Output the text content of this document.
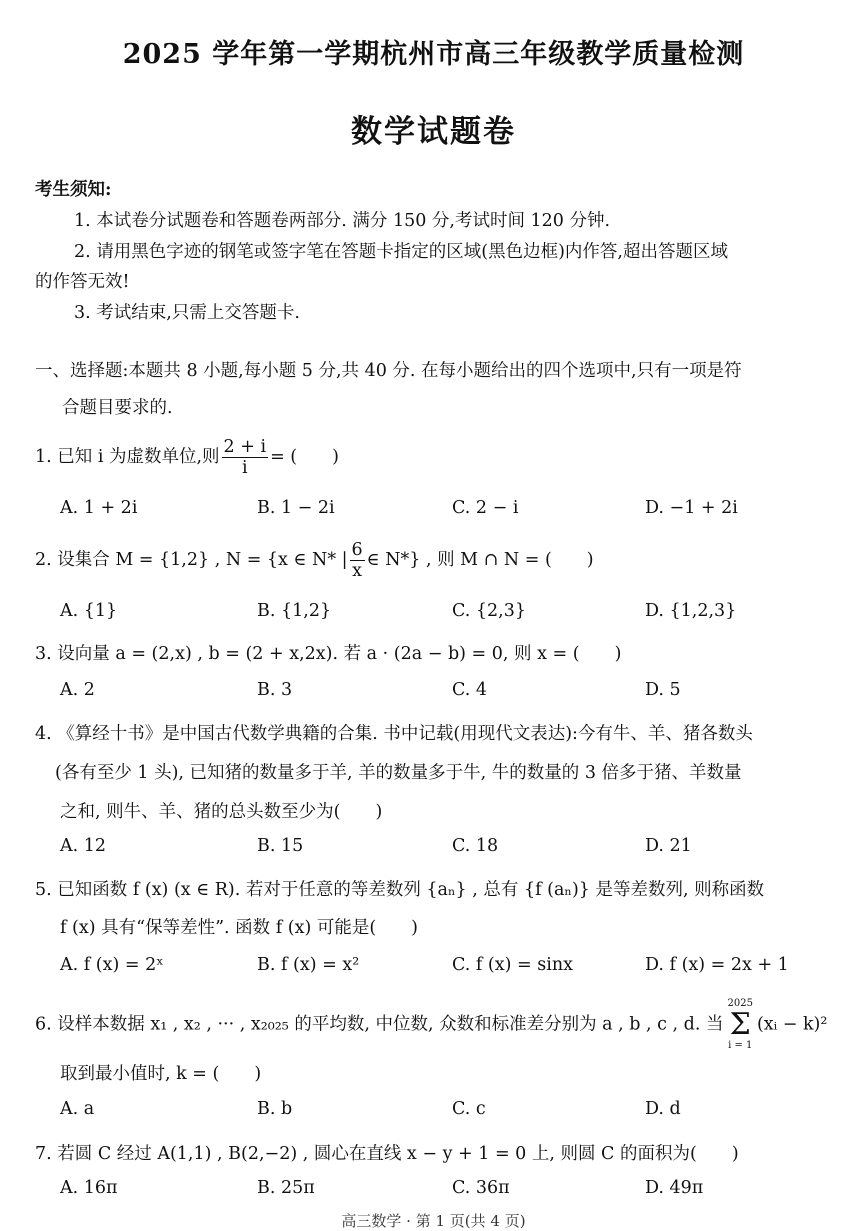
2025 学年第一学期杭州市高三年级教学质量检测
数学试题卷
考生须知:
1. 本试卷分试题卷和答题卷两部分. 满分 150 分,考试时间 120 分钟.
2. 请用黑色字迹的钢笔或签字笔在答题卡指定的区域(黑色边框)内作答,超出答题区域
的作答无效!
3. 考试结束,只需上交答题卡.
一、选择题:本题共 8 小题,每小题 5 分,共 40 分. 在每小题给出的四个选项中,只有一项是符
合题目要求的.
1. 已知 i 为虚数单位,则 $\frac{2 + i}{i}$ = (　　)
A. 1 + 2i	B. 1 − 2i	C. 2 − i	D. −1 + 2i
2. 设集合 M = {1,2} , N = {x ∈ N* | $\frac{6}{x}$ ∈ N*} , 则 M ∩ N = (　　)
A. {1}	B. {1,2}	C. {2,3}	D. {1,2,3}
3. 设向量 a = (2,x) , b = (2 + x,2x). 若 a · (2a − b) = 0, 则 x = (　　)
A. 2	B. 3	C. 4	D. 5
4. 《算经十书》是中国古代数学典籍的合集. 书中记载(用现代文表达):今有牛、羊、猪各数头
(各有至少 1 头), 已知猪的数量多于羊, 羊的数量多于牛, 牛的数量的 3 倍多于猪、羊数量
之和, 则牛、羊、猪的总头数至少为(　　)
A. 12	B. 15	C. 18	D. 21
5. 已知函数 f (x) (x ∈ R). 若对于任意的等差数列 {aₙ} , 总有 {f (aₙ)} 是等差数列, 则称函数
f (x) 具有“保等差性”. 函数 f (x) 可能是(　　)
A. f (x) = 2ˣ	B. f (x) = x²	C. f (x) = sinx	D. f (x) = 2x + 1
6. 设样本数据 x₁ , x₂ , ··· , x₂₀₂₅ 的平均数, 中位数, 众数和标准差分别为 a , b , c , d. 当
2025
Σ
i = 1
(xᵢ − k)²
取到最小值时, k = (　　)
A. a	B. b	C. c	D. d
7. 若圆 C 经过 A(1,1) , B(2,−2) , 圆心在直线 x − y + 1 = 0 上, 则圆 C 的面积为(　　)
A. 16π	B. 25π	C. 36π	D. 49π
高三数学 · 第 1 页(共 4 页)
